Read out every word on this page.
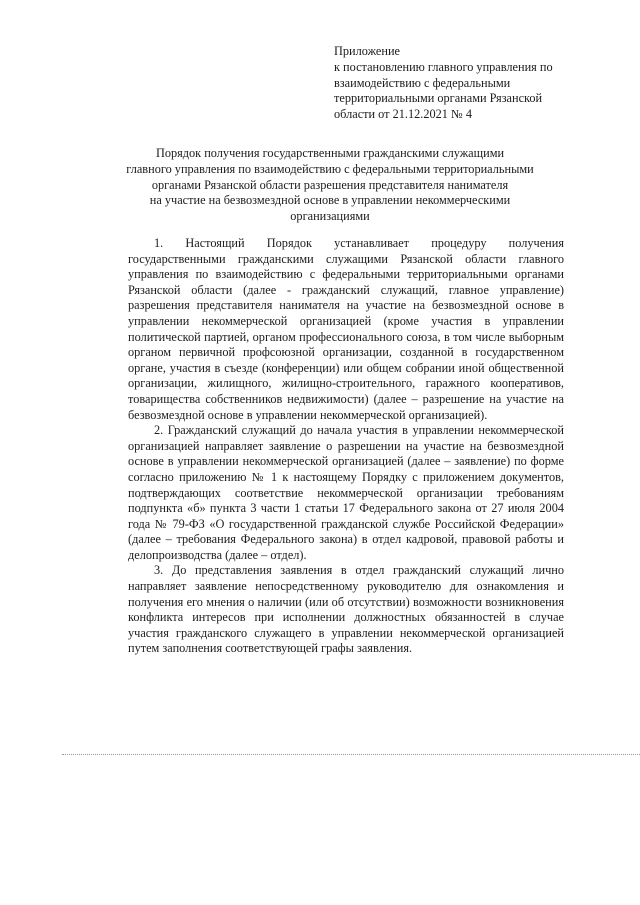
Приложение
к постановлению главного управления по
взаимодействию с федеральными
территориальными органами Рязанской
области от 21.12.2021 № 4
Порядок получения государственными гражданскими служащими
главного управления по взаимодействию с федеральными территориальными
органами Рязанской области разрешения представителя нанимателя
на участие на безвозмездной основе в управлении некоммерческими
организациями

1. Настоящий Порядок устанавливает процедуру получения государственными гражданскими служащими Рязанской области главного управления по взаимодействию с федеральными территориальными органами Рязанской области (далее - гражданский служащий, главное управление) разрешения представителя нанимателя на участие на безвозмездной основе в управлении некоммерческой организацией (кроме участия в управлении политической партией, органом профессионального союза, в том числе выборным органом первичной профсоюзной организации, созданной в государственном органе, участия в съезде (конференции) или общем собрании иной общественной организации, жилищного, жилищно-строительного, гаражного кооперативов, товарищества собственников недвижимости) (далее – разрешение на участие на безвозмездной основе в управлении некоммерческой организацией).

2. Гражданский служащий до начала участия в управлении некоммерческой организацией направляет заявление о разрешении на участие на безвозмездной основе в управлении некоммерческой организацией (далее – заявление) по форме согласно приложению № 1 к настоящему Порядку с приложением документов, подтверждающих соответствие некоммерческой организации требованиям подпункта «б» пункта 3 части 1 статьи 17 Федерального закона от 27 июля 2004 года № 79-ФЗ «О государственной гражданской службе Российской Федерации» (далее – требования Федерального закона) в отдел кадровой, правовой работы и делопроизводства (далее – отдел).

3. До представления заявления в отдел гражданский служащий лично направляет заявление непосредственному руководителю для ознакомления и получения его мнения о наличии (или об отсутствии) возможности возникновения конфликта интересов при исполнении должностных обязанностей в случае участия гражданского служащего в управлении некоммерческой организацией путем заполнения соответствующей графы заявления.
